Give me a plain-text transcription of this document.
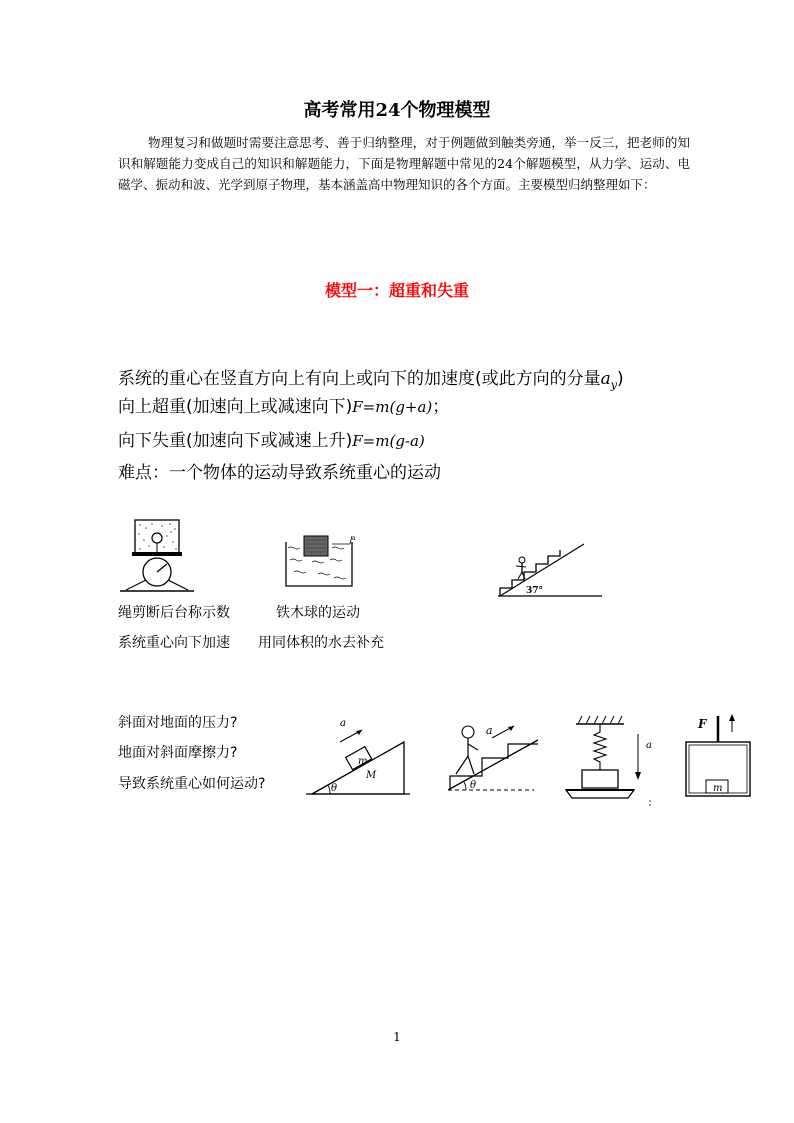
高考常用24个物理模型
物理复习和做题时需要注意思考、善于归纳整理，对于例题做到触类旁通，举一反三，把老师的知识和解题能力变成自己的知识和解题能力，下面是物理解题中常见的24个解题模型，从力学、运动、电磁学、振动和波、光学到原子物理，基本涵盖高中物理知识的各个方面。主要模型归纳整理如下：
模型一：超重和失重
系统的重心在竖直方向上有向上或向下的加速度(或此方向的分量$a_y$)
向上超重(加速向上或减速向下)F=m(g+a)；
向下失重(加速向下或减速上升)F=m(g-a)
难点：一个物体的运动导致系统重心的运动
a
37°
绳剪断后台称示数
系统重心向下加速
铁木球的运动
用同体积的水去补充
斜面对地面的压力?
地面对斜面摩擦力?
导致系统重心如何运动?
m
a
M
θ
a
θ
a
F
m
1
